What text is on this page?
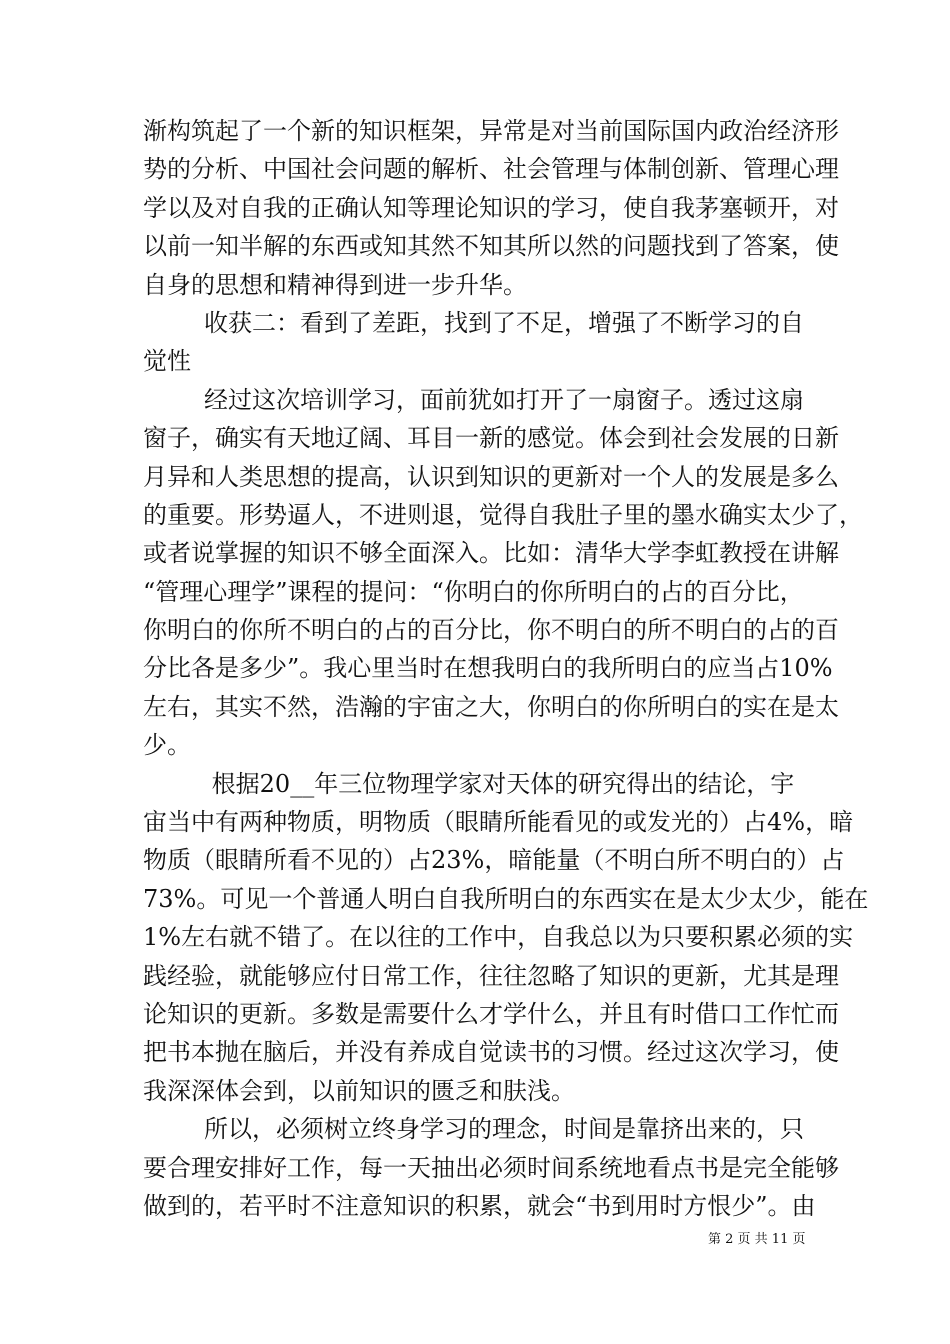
渐构筑起了一个新的知识框架，异常是对当前国际国内政治经济形
势的分析、中国社会问题的解析、社会管理与体制创新、管理心理
学以及对自我的正确认知等理论知识的学习，使自我茅塞顿开，对
以前一知半解的东西或知其然不知其所以然的问题找到了答案，使
自身的思想和精神得到进一步升华。
收获二：看到了差距，找到了不足，增强了不断学习的自
觉性
经过这次培训学习，面前犹如打开了一扇窗子。透过这扇
窗子，确实有天地辽阔、耳目一新的感觉。体会到社会发展的日新
月异和人类思想的提高，认识到知识的更新对一个人的发展是多么
的重要。形势逼人，不进则退，觉得自我肚子里的墨水确实太少了，
或者说掌握的知识不够全面深入。比如：清华大学李虹教授在讲解
“管理心理学”课程的提问：“你明白的你所明白的占的百分比，
你明白的你所不明白的占的百分比，你不明白的所不明白的占的百
分比各是多少”。我心里当时在想我明白的我所明白的应当占10%
左右，其实不然，浩瀚的宇宙之大，你明白的你所明白的实在是太
少。
根据20__年三位物理学家对天体的研究得出的结论，宇
宙当中有两种物质，明物质（眼睛所能看见的或发光的）占4%，暗
物质（眼睛所看不见的）占23%，暗能量（不明白所不明白的）占
73%。可见一个普通人明白自我所明白的东西实在是太少太少，能在
1%左右就不错了。在以往的工作中，自我总以为只要积累必须的实
践经验，就能够应付日常工作，往往忽略了知识的更新，尤其是理
论知识的更新。多数是需要什么才学什么，并且有时借口工作忙而
把书本抛在脑后，并没有养成自觉读书的习惯。经过这次学习，使
我深深体会到，以前知识的匮乏和肤浅。
所以，必须树立终身学习的理念，时间是靠挤出来的，只
要合理安排好工作，每一天抽出必须时间系统地看点书是完全能够
做到的，若平时不注意知识的积累，就会“书到用时方恨少”。由
第 2 页 共 11 页
